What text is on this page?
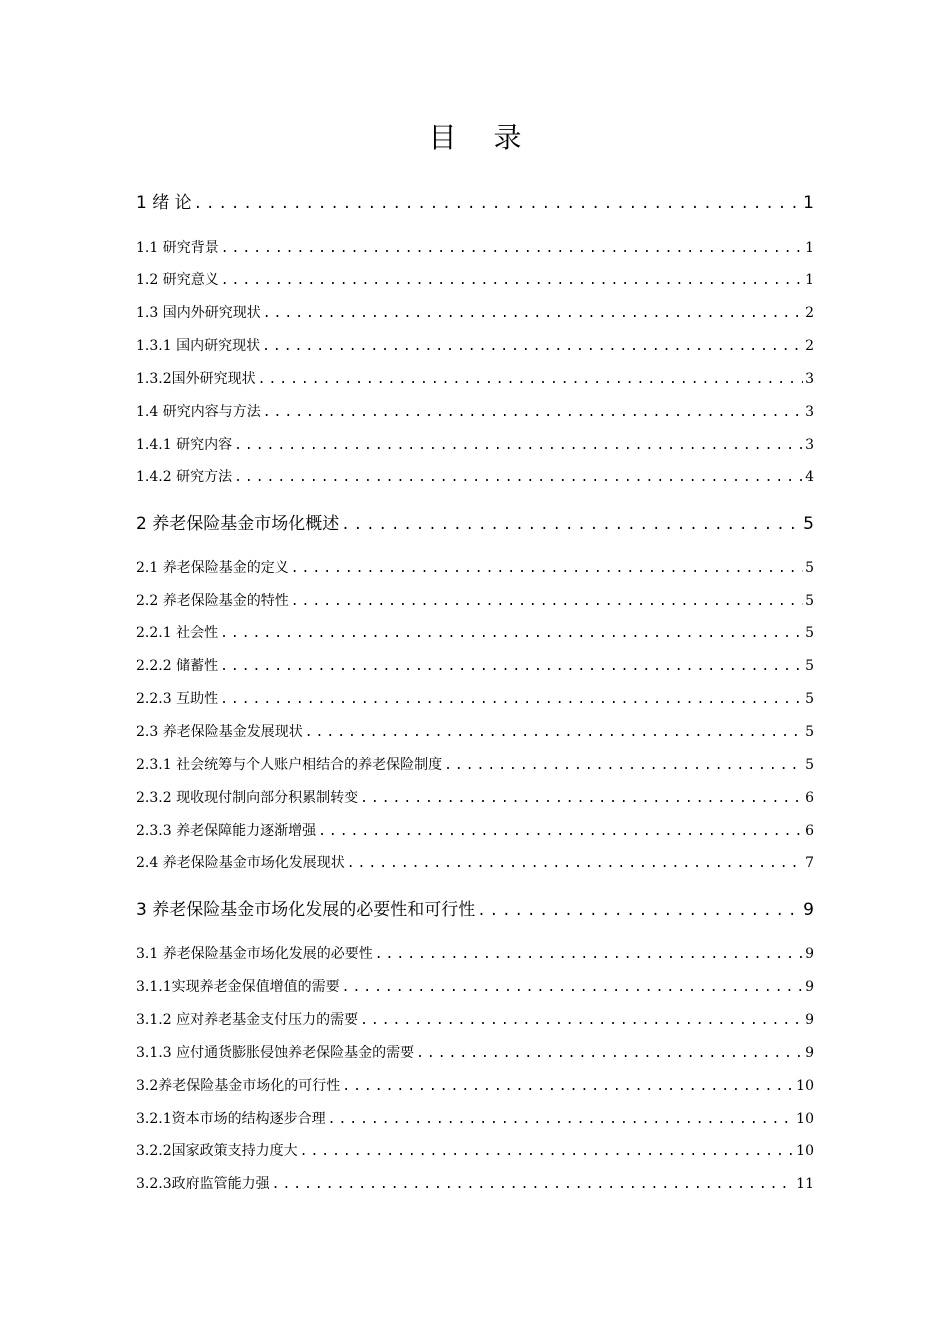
目 录
1 绪 论 .....	1
1.1 研究背景 .....	1
1.2 研究意义 .....	1
1.3 国内外研究现状 .....	2
1.3.1 国内研究现状 .....	2
1.3.2国外研究现状 .....	3
1.4 研究内容与方法 .....	3
1.4.1 研究内容 .....	3
1.4.2 研究方法 .....	4
2 养老保险基金市场化概述 .....	5
2.1 养老保险基金的定义 .....	5
2.2 养老保险基金的特性 .....	5
2.2.1 社会性 .....	5
2.2.2 储蓄性 .....	5
2.2.3 互助性 .....	5
2.3 养老保险基金发展现状 .....	5
2.3.1 社会统筹与个人账户相结合的养老保险制度 .....	5
2.3.2 现收现付制向部分积累制转变 .....	6
2.3.3 养老保障能力逐渐增强 .....	6
2.4 养老保险基金市场化发展现状 .....	7
3 养老保险基金市场化发展的必要性和可行性 .....	9
3.1 养老保险基金市场化发展的必要性 .....	9
3.1.1实现养老金保值增值的需要 .....	9
3.1.2 应对养老基金支付压力的需要 .....	9
3.1.3 应付通货膨胀侵蚀养老保险基金的需要 .....	9
3.2养老保险基金市场化的可行性 .....	10
3.2.1资本市场的结构逐步合理 .....	10
3.2.2国家政策支持力度大 .....	10
3.2.3政府监管能力强 .....	11
